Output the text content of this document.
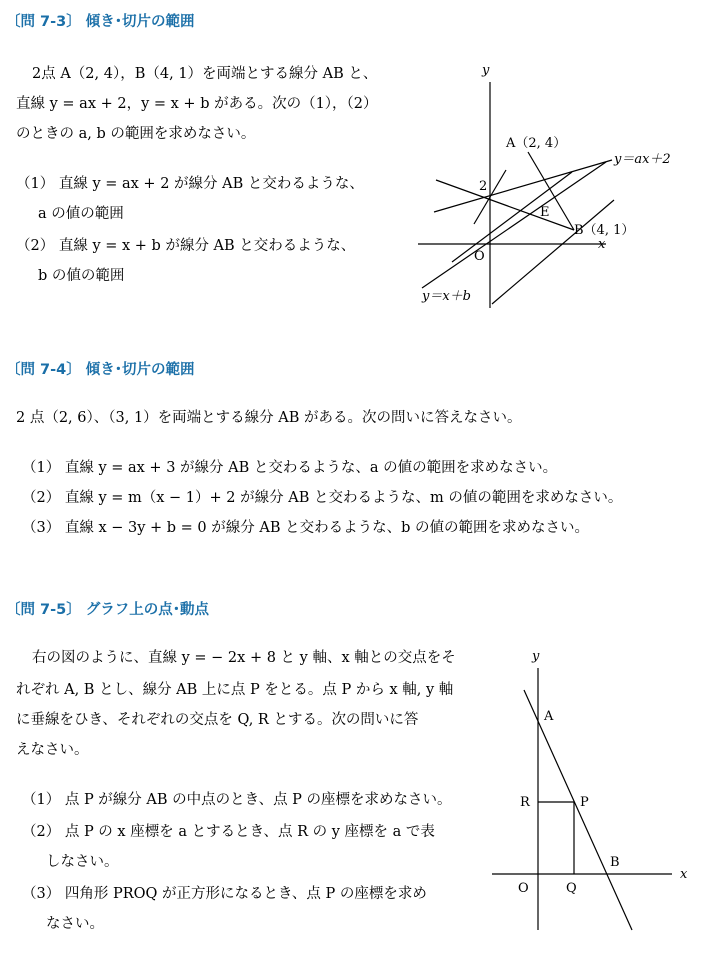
〔問 7-3〕 傾き･切片の範囲
2点 A（2, 4），B（4, 1）を両端とする線分 AB と、
直線 y = ax + 2，y = x + b がある。次の（1），（2）
のときの a, b の範囲を求めなさい。
（1） 直線 y = ax + 2 が線分 AB と交わるような、
a の値の範囲
（2） 直線 y = x + b が線分 AB と交わるような、
b の値の範囲
y
x
O
2
A（2, 4）
B（4, 1）
E
y＝ax＋2
y＝x＋b
〔問 7-4〕 傾き･切片の範囲
2 点（2, 6）、（3, 1）を両端とする線分 AB がある。次の問いに答えなさい。
（1） 直線 y = ax + 3 が線分 AB と交わるような、a の値の範囲を求めなさい。
（2） 直線 y = m（x − 1）+ 2 が線分 AB と交わるような、m の値の範囲を求めなさい。
（3） 直線 x − 3y + b = 0 が線分 AB と交わるような、b の値の範囲を求めなさい。
〔問 7-5〕 グラフ上の点･動点
右の図のように、直線 y = − 2x + 8 と y 軸、x 軸との交点をそ
れぞれ A, B とし、線分 AB 上に点 P をとる。点 P から x 軸, y 軸
に垂線をひき、それぞれの交点を Q, R とする。次の問いに答
えなさい。
（1） 点 P が線分 AB の中点のとき、点 P の座標を求めなさい。
（2） 点 P の x 座標を a とするとき、点 R の y 座標を a で表
しなさい。
（3） 四角形 PROQ が正方形になるとき、点 P の座標を求め
なさい。
y
x
O
A
B
P
Q
R
